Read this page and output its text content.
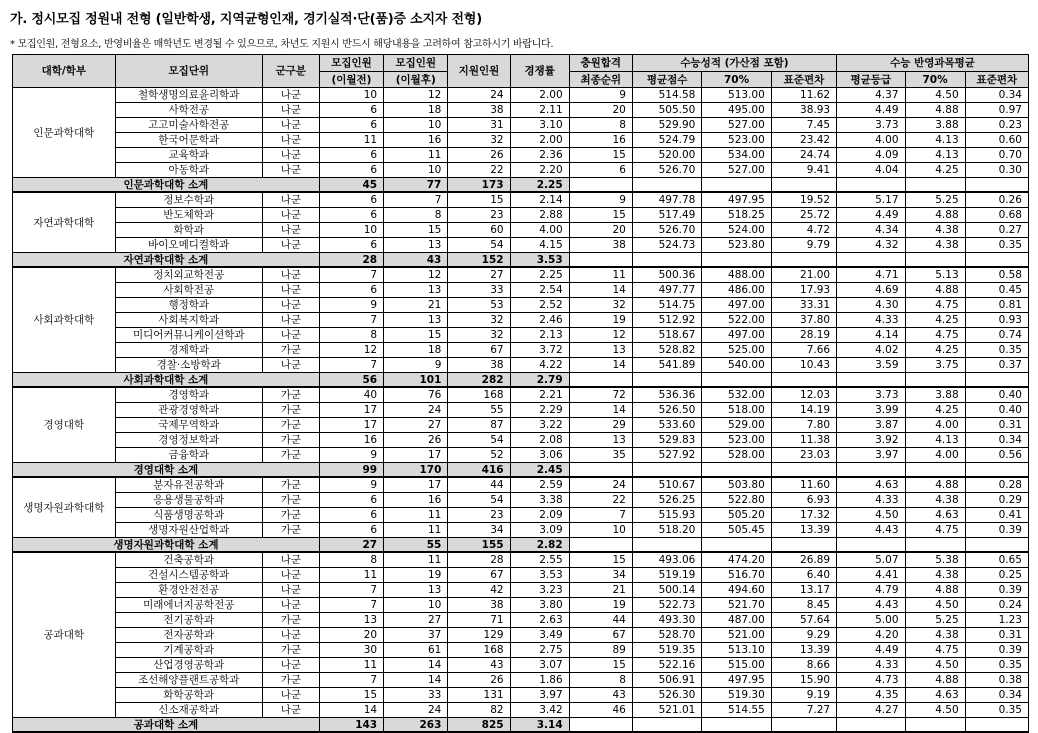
가. 정시모집 정원내 전형 (일반학생, 지역균형인재, 경기실적·단(품)증 소지자 전형)
* 모집인원, 전형요소, 반영비율은 매학년도 변경될 수 있으므로, 차년도 지원시 반드시 해당내용을 고려하여 참고하시기 바랍니다.
대학/학부	모집단위	군구분	모집인원	모집인원	지원인원	경쟁률	충원합격	수능성적 (가산점 포함)			수능 반영과목평균		
			(이월전)	(이월후)			최종순위	평균점수	70%	표준편차	평균등급	70%	표준편차
인문과학대학	철학생명의료윤리학과	나군	10	12	24	2.00	9	514.58	513.00	11.62	4.37	4.50	0.34
	사학전공	나군	6	18	38	2.11	20	505.50	495.00	38.93	4.49	4.88	0.97
	고고미술사학전공	나군	6	10	31	3.10	8	529.90	527.00	7.45	3.73	3.88	0.23
	한국어문학과	나군	11	16	32	2.00	16	524.79	523.00	23.42	4.00	4.13	0.60
	교육학과	나군	6	11	26	2.36	15	520.00	534.00	24.74	4.09	4.13	0.70
	아동학과	나군	6	10	22	2.20	6	526.70	527.00	9.41	4.04	4.25	0.30
인문과학대학 소계			45	77	173	2.25							
자연과학대학	정보수학과	나군	6	7	15	2.14	9	497.78	497.95	19.52	5.17	5.25	0.26
	반도체학과	나군	6	8	23	2.88	15	517.49	518.25	25.72	4.49	4.88	0.68
	화학과	나군	10	15	60	4.00	20	526.70	524.00	4.72	4.34	4.38	0.27
	바이오메디컬학과	나군	6	13	54	4.15	38	524.73	523.80	9.79	4.32	4.38	0.35
자연과학대학 소계			28	43	152	3.53							
사회과학대학	정치외교학전공	나군	7	12	27	2.25	11	500.36	488.00	21.00	4.71	5.13	0.58
	사회학전공	나군	6	13	33	2.54	14	497.77	486.00	17.93	4.69	4.88	0.45
	행정학과	나군	9	21	53	2.52	32	514.75	497.00	33.31	4.30	4.75	0.81
	사회복지학과	나군	7	13	32	2.46	19	512.92	522.00	37.80	4.33	4.25	0.93
	미디어커뮤니케이션학과	나군	8	15	32	2.13	12	518.67	497.00	28.19	4.14	4.75	0.74
	경제학과	가군	12	18	67	3.72	13	528.82	525.00	7.66	4.02	4.25	0.35
	경찰·소방학과	나군	7	9	38	4.22	14	541.89	540.00	10.43	3.59	3.75	0.37
사회과학대학 소계			56	101	282	2.79							
경영대학	경영학과	가군	40	76	168	2.21	72	536.36	532.00	12.03	3.73	3.88	0.40
	관광경영학과	가군	17	24	55	2.29	14	526.50	518.00	14.19	3.99	4.25	0.40
	국제무역학과	가군	17	27	87	3.22	29	533.60	529.00	7.80	3.87	4.00	0.31
	경영정보학과	가군	16	26	54	2.08	13	529.83	523.00	11.38	3.92	4.13	0.34
	금융학과	가군	9	17	52	3.06	35	527.92	528.00	23.03	3.97	4.00	0.56
경영대학 소계			99	170	416	2.45							
생명자원과학대학	분자유전공학과	가군	9	17	44	2.59	24	510.67	503.80	11.60	4.63	4.88	0.28
	응용생물공학과	가군	6	16	54	3.38	22	526.25	522.80	6.93	4.33	4.38	0.29
	식품생명공학과	가군	6	11	23	2.09	7	515.93	505.20	17.32	4.50	4.63	0.41
	생명자원산업학과	가군	6	11	34	3.09	10	518.20	505.45	13.39	4.43	4.75	0.39
생명자원과학대학 소계			27	55	155	2.82							
공과대학	건축공학과	나군	8	11	28	2.55	15	493.06	474.20	26.89	5.07	5.38	0.65
	건설시스템공학과	나군	11	19	67	3.53	34	519.19	516.70	6.40	4.41	4.38	0.25
	환경안전전공	나군	7	13	42	3.23	21	500.14	494.60	13.17	4.79	4.88	0.39
	미래에너지공학전공	나군	7	10	38	3.80	19	522.73	521.70	8.45	4.43	4.50	0.24
	전기공학과	가군	13	27	71	2.63	44	493.30	487.00	57.64	5.00	5.25	1.23
	전자공학과	나군	20	37	129	3.49	67	528.70	521.00	9.29	4.20	4.38	0.31
	기계공학과	가군	30	61	168	2.75	89	519.35	513.10	13.39	4.49	4.75	0.39
	산업경영공학과	나군	11	14	43	3.07	15	522.16	515.00	8.66	4.33	4.50	0.35
	조선해양플랜트공학과	가군	7	14	26	1.86	8	506.91	497.95	15.90	4.73	4.88	0.38
	화학공학과	나군	15	33	131	3.97	43	526.30	519.30	9.19	4.35	4.63	0.34
	신소재공학과	나군	14	24	82	3.42	46	521.01	514.55	7.27	4.27	4.50	0.35
공과대학 소계			143	263	825	3.14							
